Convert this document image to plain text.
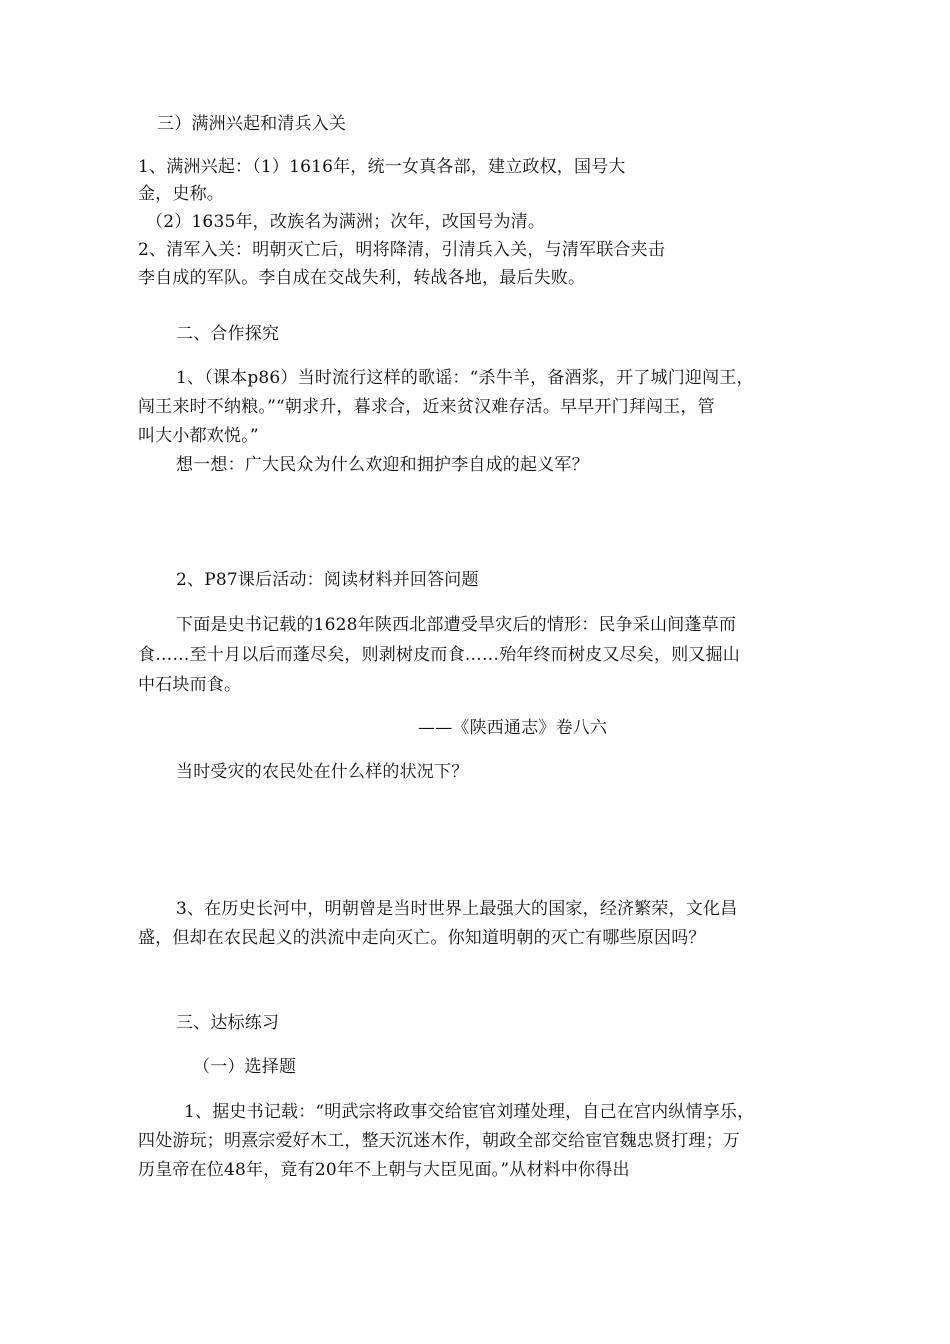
三）满洲兴起和清兵入关
1、满洲兴起：（1）1616年，统一女真各部，建立政权，国号大
金，史称。
（2）1635年，改族名为满洲；次年，改国号为清。
2、清军入关：明朝灭亡后，明将降清，引清兵入关，与清军联合夹击
李自成的军队。李自成在交战失利，转战各地，最后失败。
二、合作探究
1、（课本p86）当时流行这样的歌谣：“杀牛羊，备酒浆，开了城门迎闯王，
闯王来时不纳粮。”“朝求升，暮求合，近来贫汉难存活。早早开门拜闯王，管
叫大小都欢悦。”
想一想：广大民众为什么欢迎和拥护李自成的起义军？
2、P87课后活动：阅读材料并回答问题
下面是史书记载的1628年陕西北部遭受旱灾后的情形：民争采山间蓬草而
食……至十月以后而蓬尽矣，则剥树皮而食……殆年终而树皮又尽矣，则又掘山
中石块而食。
——《陕西通志》卷八六
当时受灾的农民处在什么样的状况下？
3、在历史长河中，明朝曾是当时世界上最强大的国家，经济繁荣，文化昌
盛，但却在农民起义的洪流中走向灭亡。你知道明朝的灭亡有哪些原因吗？
三、达标练习
（一）选择题
1、据史书记载：“明武宗将政事交给宦官刘瑾处理，自己在宫内纵情享乐，
四处游玩；明熹宗爱好木工，整天沉迷木作，朝政全部交给宦官魏忠贤打理；万
历皇帝在位48年，竟有20年不上朝与大臣见面。”从材料中你得出
